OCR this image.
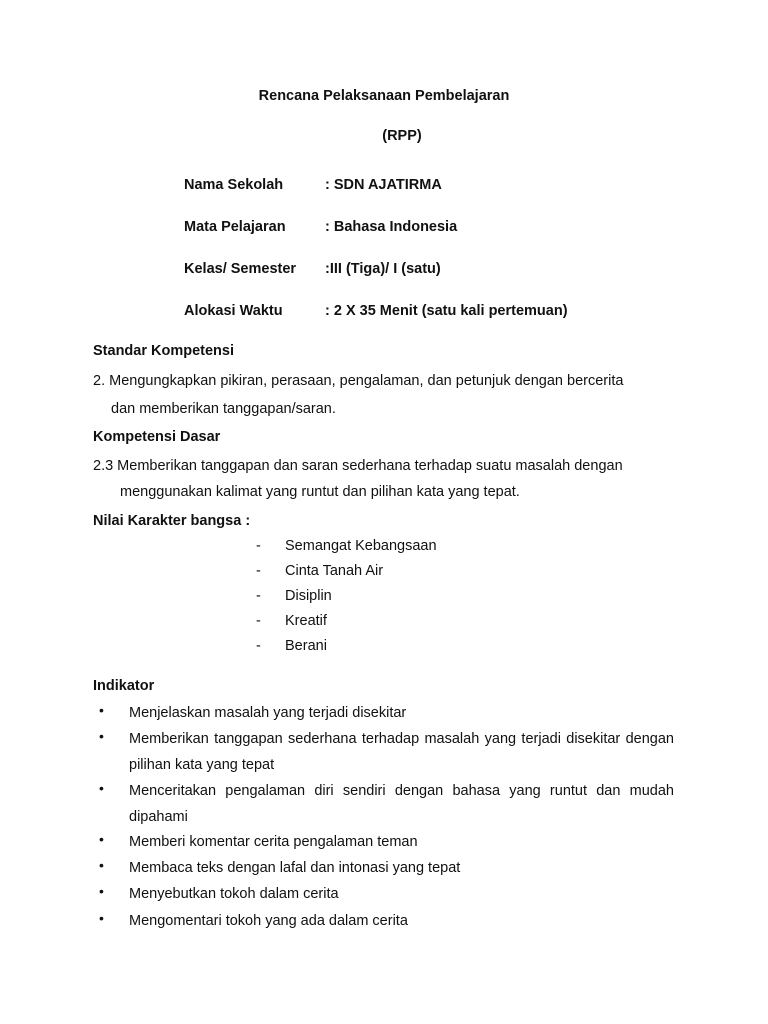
Rencana Pelaksanaan Pembelajaran
(RPP)
Nama Sekolah	: SDN AJATIRMA
Mata Pelajaran	: Bahasa Indonesia
Kelas/ Semester :III (Tiga)/ I (satu)
Alokasi Waktu	: 2 X 35 Menit (satu kali pertemuan)
Standar Kompetensi
2. Mengungkapkan pikiran, perasaan, pengalaman, dan petunjuk dengan bercerita
dan memberikan tanggapan/saran.
Kompetensi Dasar
2.3 Memberikan tanggapan dan saran sederhana terhadap suatu masalah dengan
menggunakan kalimat yang runtut dan pilihan kata yang tepat.
Nilai Karakter bangsa :
- Semangat Kebangsaan
- Cinta Tanah Air
- Disiplin
- Kreatif
- Berani
Indikator
• Menjelaskan masalah yang terjadi disekitar
• Memberikan tanggapan sederhana terhadap masalah yang terjadi disekitar dengan pilihan kata yang tepat
• Menceritakan pengalaman diri sendiri dengan bahasa yang runtut dan mudah dipahami
• Memberi komentar cerita pengalaman teman
• Membaca teks dengan lafal dan intonasi yang tepat
• Menyebutkan tokoh dalam cerita
• Mengomentari tokoh yang ada dalam cerita
